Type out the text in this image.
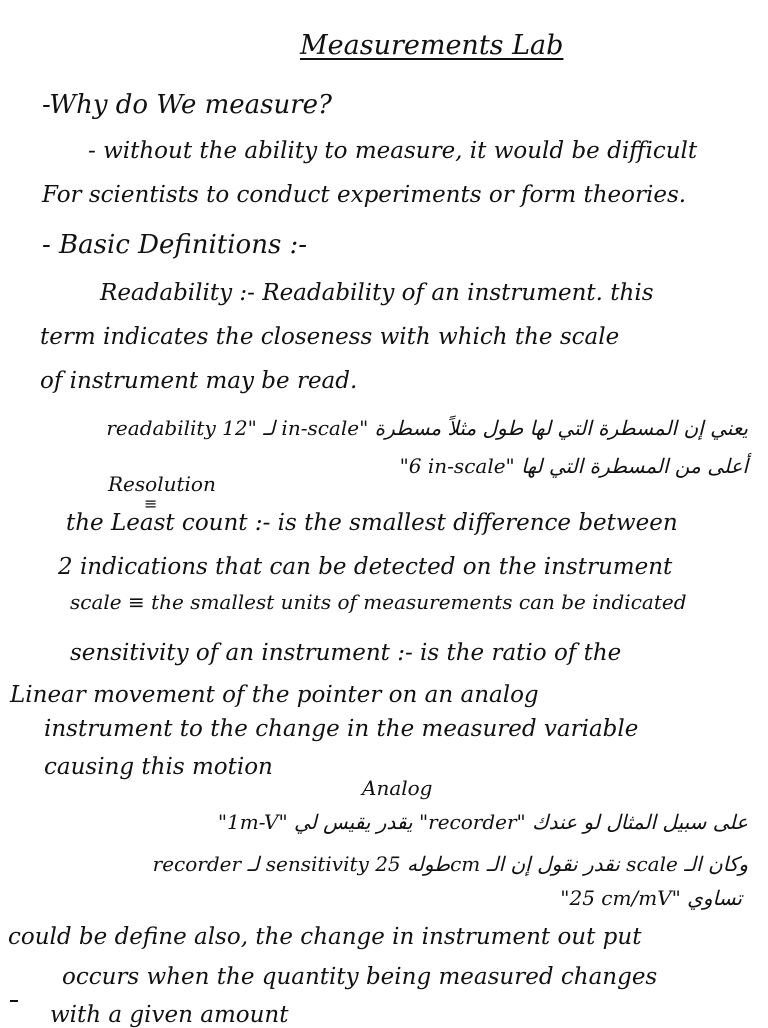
Measurements Lab
-Why do We measure?
- without the ability to measure, it would be difficult
For scientists to conduct experiments or form theories.
- Basic Definitions :-
Readability :- Readability of an instrument. this
term indicates the closeness with which the scale
of instrument may be read.
readability لـ "12 in-scale" يعني إن المسطرة التي لها طول مثلاً مسطرة
"6 in-scale" أعلى من المسطرة التي لها
Resolution
≡
the Least count :- is the smallest difference between
2 indications that can be detected on the instrument
scale ≡ the smallest units of measurements can be indicated
sensitivity of an instrument :- is the ratio of the
Linear movement of the pointer on an analog
instrument to the change in the measured variable
causing this motion
Analog
"1m-V" يقدر يقيس لي "recorder" على سبيل المثال لو عندك
recorder لـ sensitivity طوله 25cm نقدر نقول إن الـ scale وكان الـ
"25 cm/mV" تساوي
could be define also, the change in instrument out put
occurs when the quantity being measured changes
with a given amount
